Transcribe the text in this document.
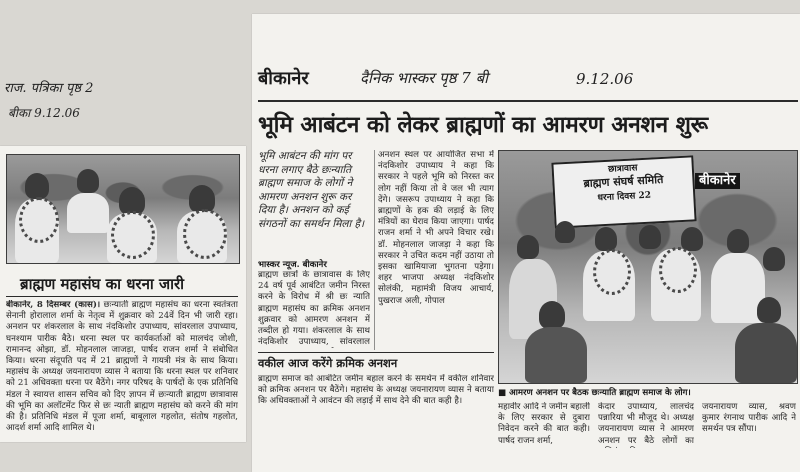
राज. पत्रिका पृष्ठ 2
बीका 9.12.06
ब्राह्मण महासंघ का धरना जारी
बीकानेर, 8 दिसम्बर (कास)। छःन्याती ब्राह्मण महासंघ का धरना स्वतंत्रता सेनानी होरालाल शर्मा के नेतृत्व में शुक्रवार को 24वें दिन भी जारी रहा। अनशन पर शंकरलाल के साथ नंदकिशोर उपाध्याय, सांवरलाल उपाध्याय, घनश्याम पारीक बैठे। धरना स्थल पर कार्यकर्ताओं को मालचंद जोशी, रामानन्द ओझा, डॉ. मोहनलाल जाजड़ा, पार्षद राजन शर्मा ने संबोधित किया। धरना संदूपति पद में 21 ब्राह्मणों ने गायत्री मंत्र के साथ किया। महासंघ के अध्यक्ष जयनारायण व्यास ने बताया कि धरना स्थल पर शनिवार को 21 अधिवक्ता धरना पर बैठेंगे। नगर परिषद के पार्षदों के एक प्रतिनिधि मंडल ने स्वायत्त शासन सचिव को दिए ज्ञापन में छःन्याती ब्राह्मण छात्रावास की भूमि का अलॉटमेंट फिर से छः न्याती ब्राह्मण महासंघ को करने की मांग की है। प्रतिनिधि मंडल में पूजा शर्मा, बाबूलाल गहलोत, संतोष गहलोत, आदर्श शर्मा आदि शामिल थे।
बीकानेर	दैनिक भास्कर पृष्ठ 7 बी	9.12.06
भूमि आबंटन को लेकर ब्राह्मणों का आमरण अनशन शुरू
भूमि आबंटन की मांग पर धरना लगाए बैठे छःन्याति ब्राह्मण समाज के लोगों ने आमरण अनशन शुरू कर दिया है। अनशन को कई संगठनों का समर्थन मिला है।
भास्कर न्यूज. बीकानेर
ब्राह्मण छात्रों के छात्रावास के लिए 24 वर्ष पूर्व आबंटित जमीन निरस्त करने के विरोध में श्री छः न्याति ब्राह्मण महासंघ का क्रमिक अनशन शुक्रवार को आमरण अनशन में तब्दील हो गया। शंकरलाल के साथ नंदकिशोर उपाध्याय, सांवरलाल
अनशन स्थल पर आयोजित सभा में नंदकिशोर उपाध्याय ने कहा कि सरकार ने पहले भूमि को निरस्त कर लोग नहीं किया तो वे जल भी त्याग देंगे। जसरूप उपाध्याय ने कहा कि ब्राह्मणों के हक की लड़ाई के लिए मंत्रियों का घेराव किया जाएगा। पार्षद राजन शर्मा ने भी अपने विचार रखे। डॉ. मोहनलाल जाजड़ा ने कहा कि सरकार ने उचित कदम नहीं उठाया तो इसका खामियाजा भुगतना पड़ेगा। शहर भाजपा अध्यक्ष नंदकिशोर सोलंकी, महामंत्री विजय आचार्य, पुखराज अली, गोपाल
छात्रावास
ब्राह्मण संघर्ष समिति
धरना दिवस 22
बीकानेर
■ आमरण अनशन पर बैठक छःन्याति ब्राह्मण समाज के लोग।
वकील आज करेंगे क्रमिक अनशन
ब्राह्मण समाज को आबंटित जमीन बहाल करने के समर्थन में वकील शनिवार को क्रमिक अनशन पर बैठेंगे। महासंघ के अध्यक्ष जयनारायण व्यास ने बताया कि अधिवक्ताओं ने आवंटन की लड़ाई में साथ देने की बात कही है।
महावीर आदि ने जमीन बहाली के लिए सरकार से दुबारा निवेदन करने की बात कही। पार्षद राजन शर्मा,
केदार उपाध्याय, लालचंद पन्नारिया भी मौजूद थे। अध्यक्ष जयनारायण व्यास ने आमरण अनशन पर बैठे लोगों का
जयनारायण व्यास, श्रवण कुमार रंगनाथ पारीक आदि ने समर्थन पत्र सौंपा।
